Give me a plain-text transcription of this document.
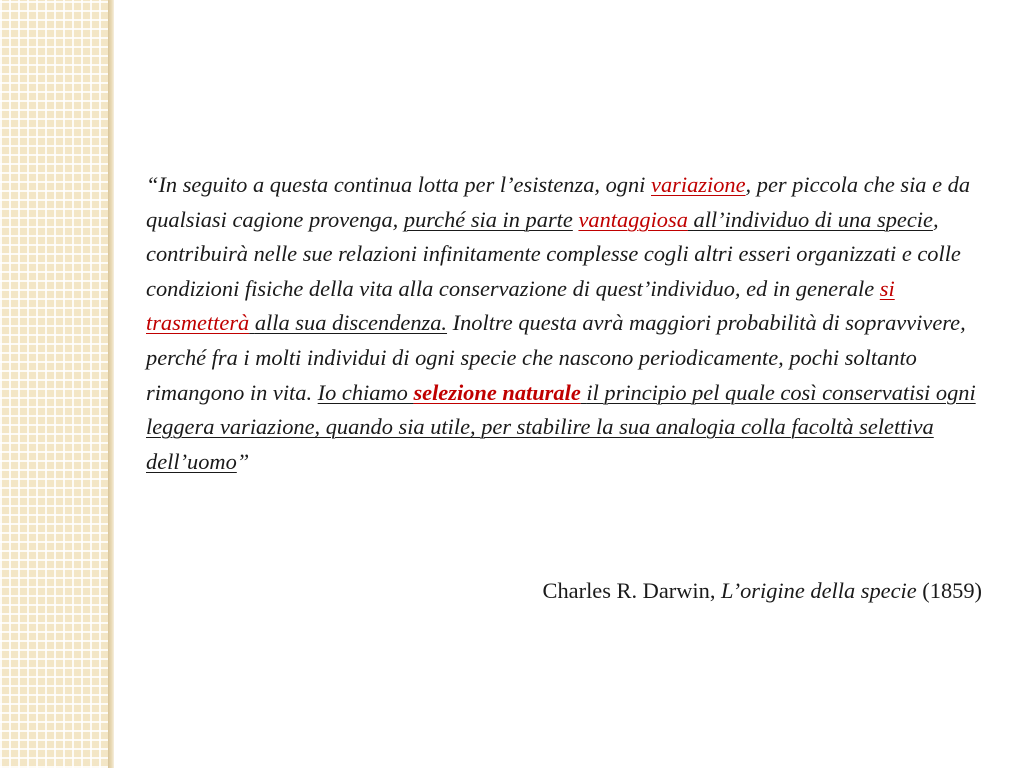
“In seguito a questa continua lotta per l’esistenza, ogni variazione, per piccola che sia e da qualsiasi cagione provenga, purché sia in parte vantaggiosa all’individuo di una specie, contribuirà nelle sue relazioni infinitamente complesse cogli altri esseri organizzati e colle condizioni fisiche della vita alla conservazione di quest’individuo, ed in generale si trasmetterà alla sua discendenza. Inoltre questa avrà maggiori probabilità di sopravvivere, perché fra i molti individui di ogni specie che nascono periodicamente, pochi soltanto rimangono in vita. Io chiamo selezione naturale il principio pel quale così conservatisi ogni leggera variazione, quando sia utile, per stabilire la sua analogia colla facoltà selettiva dell’uomo”

Charles R. Darwin, L’origine della specie (1859)
